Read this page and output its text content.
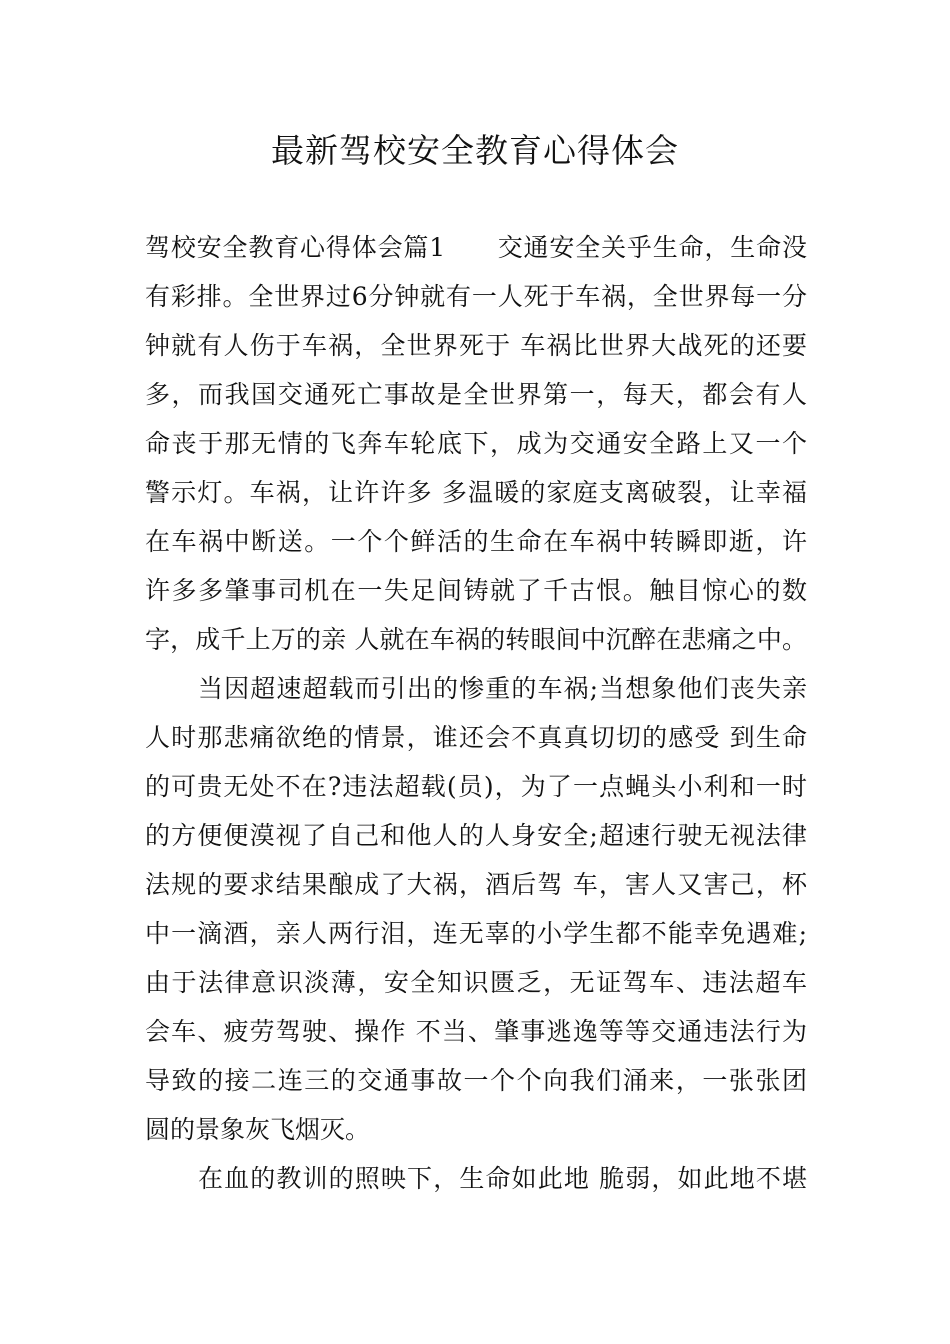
最新驾校安全教育心得体会
驾校安全教育心得体会篇1　　交通安全关乎生命，生命没
有彩排。全世界过6分钟就有一人死于车祸，全世界每一分
钟就有人伤于车祸，全世界死于 车祸比世界大战死的还要
多，而我国交通死亡事故是全世界第一，每天，都会有人
命丧于那无情的飞奔车轮底下，成为交通安全路上又一个
警示灯。车祸，让许许多 多温暖的家庭支离破裂，让幸福
在车祸中断送。一个个鲜活的生命在车祸中转瞬即逝，许
许多多肇事司机在一失足间铸就了千古恨。触目惊心的数
字，成千上万的亲 人就在车祸的转眼间中沉醉在悲痛之中。
当因超速超载而引出的惨重的车祸;当想象他们丧失亲
人时那悲痛欲绝的情景，谁还会不真真切切的感受 到生命
的可贵无处不在?违法超载(员)，为了一点蝇头小利和一时
的方便便漠视了自己和他人的人身安全;超速行驶无视法律
法规的要求结果酿成了大祸，酒后驾 车，害人又害己，杯
中一滴酒，亲人两行泪，连无辜的小学生都不能幸免遇难;
由于法律意识淡薄，安全知识匮乏，无证驾车、违法超车
会车、疲劳驾驶、操作 不当、肇事逃逸等等交通违法行为
导致的接二连三的交通事故一个个向我们涌来，一张张团
圆的景象灰飞烟灭。
在血的教训的照映下，生命如此地 脆弱，如此地不堪
